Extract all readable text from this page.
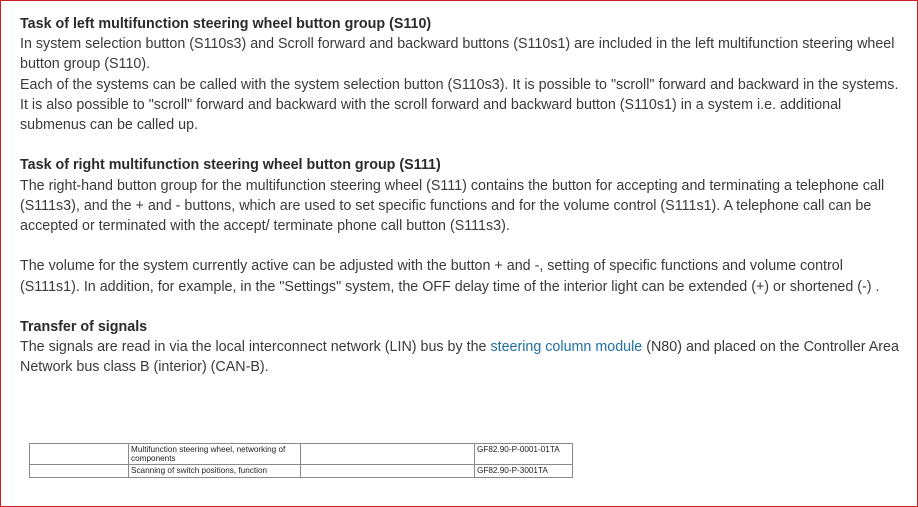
Task of left multifunction steering wheel button group (S110)

In system selection button (S110s3) and Scroll forward and backward buttons (S110s1) are included in the left multifunction steering wheel button group (S110).

Each of the systems can be called with the system selection button (S110s3). It is possible to "scroll" forward and backward in the systems. It is also possible to "scroll" forward and backward with the scroll forward and backward button (S110s1) in a system i.e. additional submenus can be called up.

Task of right multifunction steering wheel button group (S111)

The right-hand button group for the multifunction steering wheel (S111) contains the button for accepting and terminating a telephone call (S111s3), and the + and - buttons, which are used to set specific functions and for the volume control (S111s1). A telephone call can be accepted or terminated with the accept/ terminate phone call button (S111s3).

The volume for the system currently active can be adjusted with the button + and -, setting of specific functions and volume control (S111s1). In addition, for example, in the "Settings" system, the OFF delay time of the interior light can be extended (+) or shortened (-) .

Transfer of signals

The signals are read in via the local interconnect network (LIN) bus by the steering column module (N80) and placed on the Controller Area Network bus class B (interior) (CAN-B).

	Multifunction steering wheel, networking of components		GF82.90-P-0001-01TA
	Scanning of switch positions, function		GF82.90-P-3001TA
